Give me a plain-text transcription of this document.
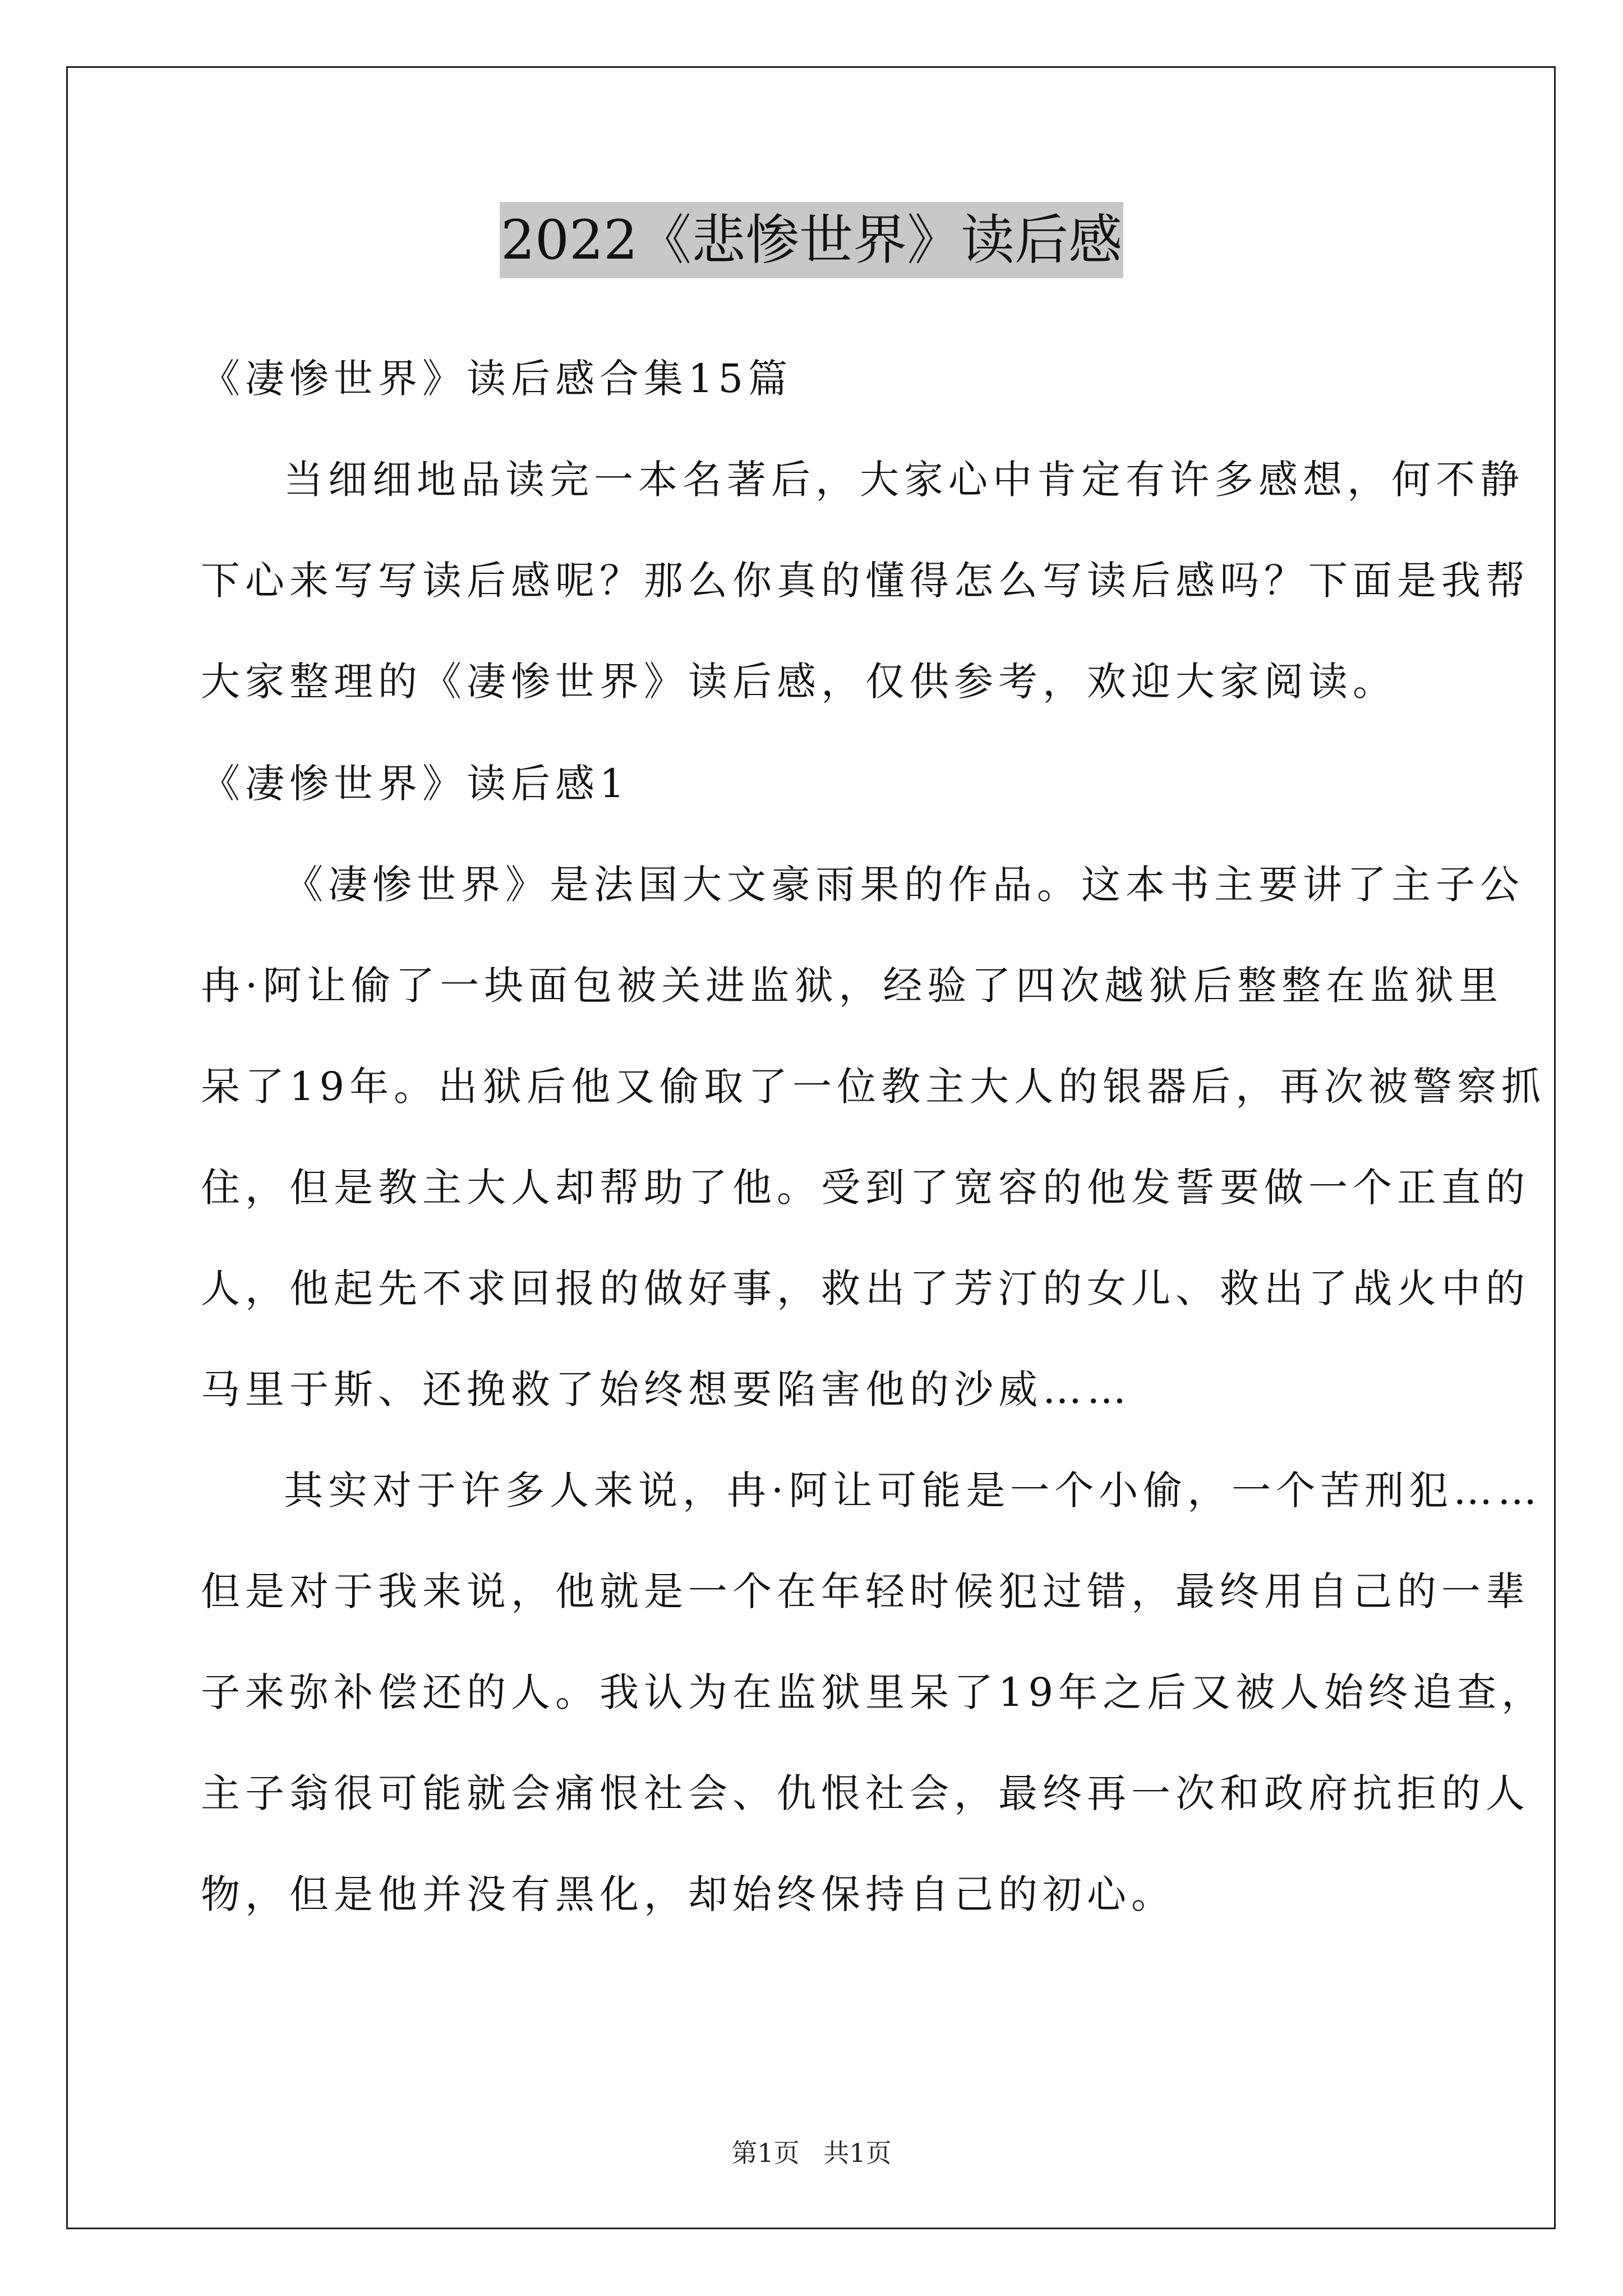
2022《悲惨世界》读后感
《凄惨世界》读后感合集15篇
当细细地品读完一本名著后，大家心中肯定有许多感想，何不静
下心来写写读后感呢？那么你真的懂得怎么写读后感吗？下面是我帮
大家整理的《凄惨世界》读后感，仅供参考，欢迎大家阅读。
《凄惨世界》读后感1
《凄惨世界》是法国大文豪雨果的作品。这本书主要讲了主子公
冉·阿让偷了一块面包被关进监狱，经验了四次越狱后整整在监狱里
呆了19年。出狱后他又偷取了一位教主大人的银器后，再次被警察抓
住，但是教主大人却帮助了他。受到了宽容的他发誓要做一个正直的
人，他起先不求回报的做好事，救出了芳汀的女儿、救出了战火中的
马里于斯、还挽救了始终想要陷害他的沙威……
其实对于许多人来说，冉·阿让可能是一个小偷，一个苦刑犯……
但是对于我来说，他就是一个在年轻时候犯过错，最终用自己的一辈
子来弥补偿还的人。我认为在监狱里呆了19年之后又被人始终追查，
主子翁很可能就会痛恨社会、仇恨社会，最终再一次和政府抗拒的人
物，但是他并没有黑化，却始终保持自己的初心。
第1页 共1页
